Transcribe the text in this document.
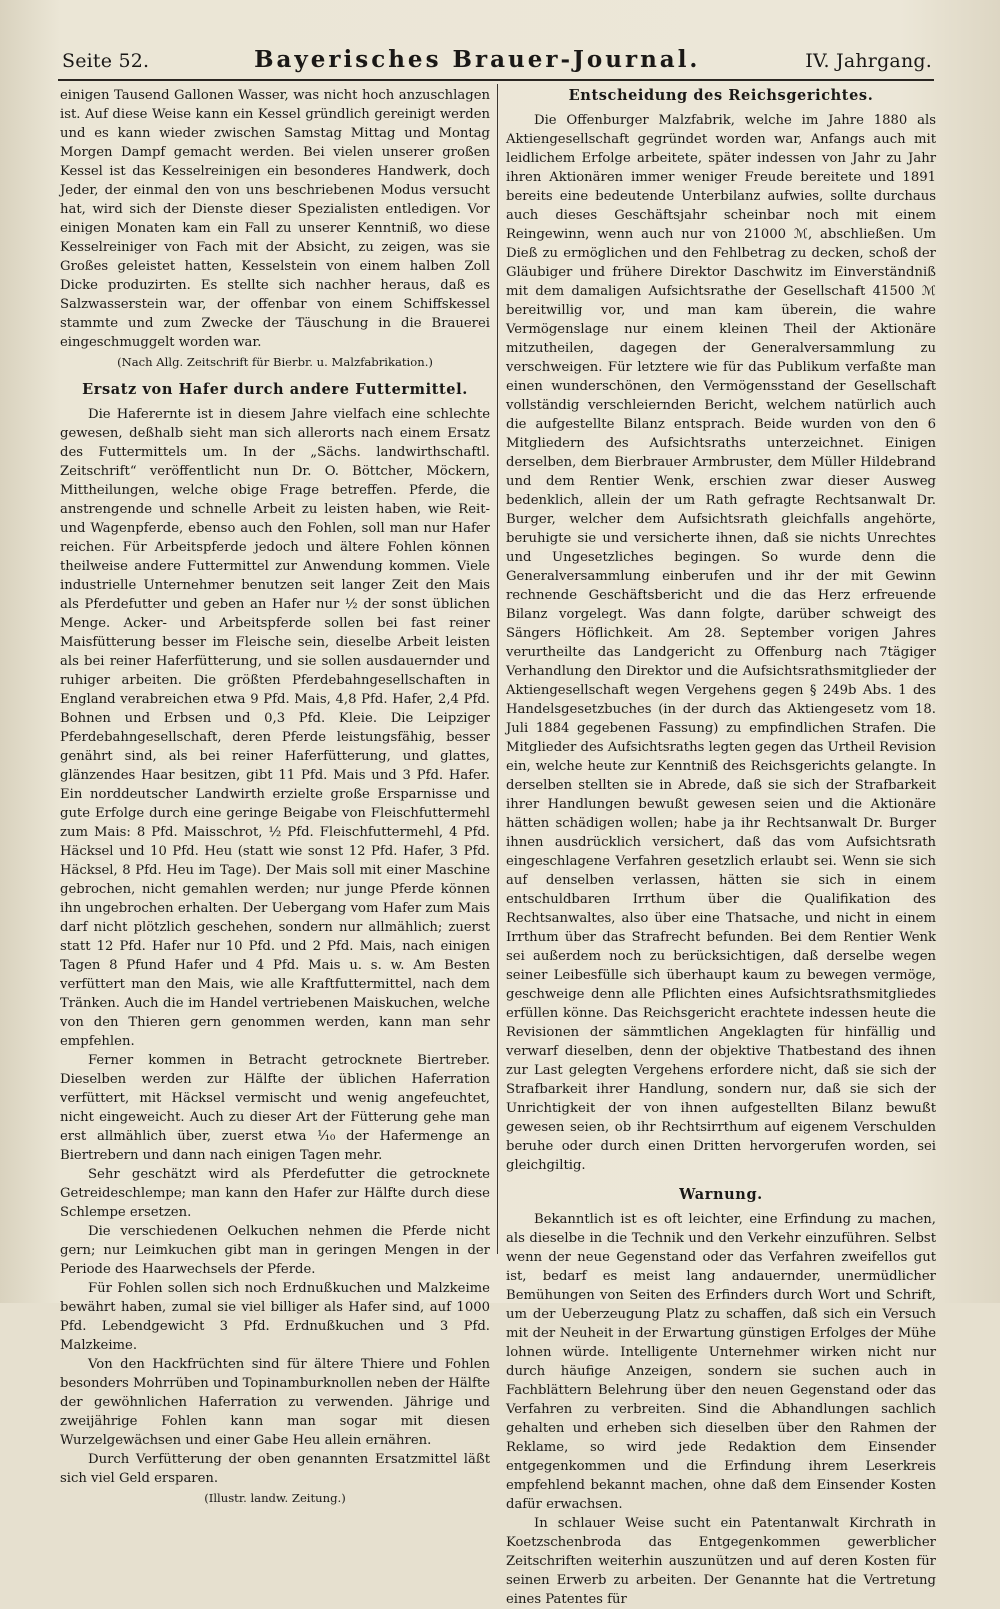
Seite 52.	Bayerisches Brauer-Journal.	IV. Jahrgang.

einigen Tausend Gallonen Wasser, was nicht hoch anzuschlagen ist. Auf diese Weise kann ein Kessel gründlich gereinigt werden und es kann wieder zwischen Samstag Mittag und Montag Morgen Dampf gemacht werden. Bei vielen unserer großen Kessel ist das Kesselreinigen ein besonderes Handwerk, doch Jeder, der einmal den von uns beschriebenen Modus versucht hat, wird sich der Dienste dieser Spezialisten entledigen. Vor einigen Monaten kam ein Fall zu unserer Kenntniß, wo diese Kesselreiniger von Fach mit der Absicht, zu zeigen, was sie Großes geleistet hatten, Kesselstein von einem halben Zoll Dicke produzirten. Es stellte sich nachher heraus, daß es Salzwasserstein war, der offenbar von einem Schiffskessel stammte und zum Zwecke der Täuschung in die Brauerei eingeschmuggelt worden war.

(Nach Allg. Zeitschrift für Bierbr. u. Malzfabrikation.)
Ersatz von Hafer durch andere Futtermittel.

Die Haferernte ist in diesem Jahre vielfach eine schlechte gewesen, deßhalb sieht man sich allerorts nach einem Ersatz des Futtermittels um. In der „Sächs. landwirthschaftl. Zeitschrift“ veröffentlicht nun Dr. O. Böttcher, Möckern, Mittheilungen, welche obige Frage betreffen. Pferde, die anstrengende und schnelle Arbeit zu leisten haben, wie Reit- und Wagenpferde, ebenso auch den Fohlen, soll man nur Hafer reichen. Für Arbeitspferde jedoch und ältere Fohlen können theilweise andere Futtermittel zur Anwendung kommen. Viele industrielle Unternehmer benutzen seit langer Zeit den Mais als Pferdefutter und geben an Hafer nur ½ der sonst üblichen Menge. Acker- und Arbeitspferde sollen bei fast reiner Maisfütterung besser im Fleische sein, dieselbe Arbeit leisten als bei reiner Haferfütterung, und sie sollen ausdauernder und ruhiger arbeiten. Die größten Pferdebahngesellschaften in England verabreichen etwa 9 Pfd. Mais, 4,8 Pfd. Hafer, 2,4 Pfd. Bohnen und Erbsen und 0,3 Pfd. Kleie. Die Leipziger Pferdebahngesellschaft, deren Pferde leistungsfähig, besser genährt sind, als bei reiner Haferfütterung, und glattes, glänzendes Haar besitzen, gibt 11 Pfd. Mais und 3 Pfd. Hafer. Ein norddeutscher Landwirth erzielte große Ersparnisse und gute Erfolge durch eine geringe Beigabe von Fleischfuttermehl zum Mais: 8 Pfd. Maisschrot, ½ Pfd. Fleischfuttermehl, 4 Pfd. Häcksel und 10 Pfd. Heu (statt wie sonst 12 Pfd. Hafer, 3 Pfd. Häcksel, 8 Pfd. Heu im Tage). Der Mais soll mit einer Maschine gebrochen, nicht gemahlen werden; nur junge Pferde können ihn ungebrochen erhalten. Der Uebergang vom Hafer zum Mais darf nicht plötzlich geschehen, sondern nur allmählich; zuerst statt 12 Pfd. Hafer nur 10 Pfd. und 2 Pfd. Mais, nach einigen Tagen 8 Pfund Hafer und 4 Pfd. Mais u. s. w. Am Besten verfüttert man den Mais, wie alle Kraftfuttermittel, nach dem Tränken. Auch die im Handel vertriebenen Maiskuchen, welche von den Thieren gern genommen werden, kann man sehr empfehlen.

Ferner kommen in Betracht getrocknete Biertreber. Dieselben werden zur Hälfte der üblichen Haferration verfüttert, mit Häcksel vermischt und wenig angefeuchtet, nicht eingeweicht. Auch zu dieser Art der Fütterung gehe man erst allmählich über, zuerst etwa ¹⁄₁₀ der Hafermenge an Biertrebern und dann nach einigen Tagen mehr.

Sehr geschätzt wird als Pferdefutter die getrocknete Getreideschlempe; man kann den Hafer zur Hälfte durch diese Schlempe ersetzen.

Die verschiedenen Oelkuchen nehmen die Pferde nicht gern; nur Leimkuchen gibt man in geringen Mengen in der Periode des Haarwechsels der Pferde.

Für Fohlen sollen sich noch Erdnußkuchen und Malzkeime bewährt haben, zumal sie viel billiger als Hafer sind, auf 1000 Pfd. Lebendgewicht 3 Pfd. Erdnußkuchen und 3 Pfd. Malzkeime.

Von den Hackfrüchten sind für ältere Thiere und Fohlen besonders Mohrrüben und Topinamburknollen neben der Hälfte der gewöhnlichen Haferration zu verwenden. Jährige und zweijährige Fohlen kann man sogar mit diesen Wurzelgewächsen und einer Gabe Heu allein ernähren.

Durch Verfütterung der oben genannten Ersatzmittel läßt sich viel Geld ersparen.

(Illustr. landw. Zeitung.)
Entscheidung des Reichsgerichtes.

Die Offenburger Malzfabrik, welche im Jahre 1880 als Aktiengesellschaft gegründet worden war, Anfangs auch mit leidlichem Erfolge arbeitete, später indessen von Jahr zu Jahr ihren Aktionären immer weniger Freude bereitete und 1891 bereits eine bedeutende Unterbilanz aufwies, sollte durchaus auch dieses Geschäftsjahr scheinbar noch mit einem Reingewinn, wenn auch nur von 21000 ℳ, abschließen. Um Dieß zu ermöglichen und den Fehlbetrag zu decken, schoß der Gläubiger und frühere Direktor Daschwitz im Einverständniß mit dem damaligen Aufsichtsrathe der Gesellschaft 41500 ℳ bereitwillig vor, und man kam überein, die wahre Vermögenslage nur einem kleinen Theil der Aktionäre mitzutheilen, dagegen der Generalversammlung zu verschweigen. Für letztere wie für das Publikum verfaßte man einen wunderschönen, den Vermögensstand der Gesellschaft vollständig verschleiernden Bericht, welchem natürlich auch die aufgestellte Bilanz entsprach. Beide wurden von den 6 Mitgliedern des Aufsichtsraths unterzeichnet. Einigen derselben, dem Bierbrauer Armbruster, dem Müller Hildebrand und dem Rentier Wenk, erschien zwar dieser Ausweg bedenklich, allein der um Rath gefragte Rechtsanwalt Dr. Burger, welcher dem Aufsichtsrath gleichfalls angehörte, beruhigte sie und versicherte ihnen, daß sie nichts Unrechtes und Ungesetzliches begingen. So wurde denn die Generalversammlung einberufen und ihr der mit Gewinn rechnende Geschäftsbericht und die das Herz erfreuende Bilanz vorgelegt. Was dann folgte, darüber schweigt des Sängers Höflichkeit. Am 28. September vorigen Jahres verurtheilte das Landgericht zu Offenburg nach 7tägiger Verhandlung den Direktor und die Aufsichtsrathsmitglieder der Aktiengesellschaft wegen Vergehens gegen § 249b Abs. 1 des Handelsgesetzbuches (in der durch das Aktiengesetz vom 18. Juli 1884 gegebenen Fassung) zu empfindlichen Strafen. Die Mitglieder des Aufsichtsraths legten gegen das Urtheil Revision ein, welche heute zur Kenntniß des Reichsgerichts gelangte. In derselben stellten sie in Abrede, daß sie sich der Strafbarkeit ihrer Handlungen bewußt gewesen seien und die Aktionäre hätten schädigen wollen; habe ja ihr Rechtsanwalt Dr. Burger ihnen ausdrücklich versichert, daß das vom Aufsichtsrath eingeschlagene Verfahren gesetzlich erlaubt sei. Wenn sie sich auf denselben verlassen, hätten sie sich in einem entschuldbaren Irrthum über die Qualifikation des Rechtsanwaltes, also über eine Thatsache, und nicht in einem Irrthum über das Strafrecht befunden. Bei dem Rentier Wenk sei außerdem noch zu berücksichtigen, daß derselbe wegen seiner Leibesfülle sich überhaupt kaum zu bewegen vermöge, geschweige denn alle Pflichten eines Aufsichtsrathsmitgliedes erfüllen könne. Das Reichsgericht erachtete indessen heute die Revisionen der sämmtlichen Angeklagten für hinfällig und verwarf dieselben, denn der objektive Thatbestand des ihnen zur Last gelegten Vergehens erfordere nicht, daß sie sich der Strafbarkeit ihrer Handlung, sondern nur, daß sie sich der Unrichtigkeit der von ihnen aufgestellten Bilanz bewußt gewesen seien, ob ihr Rechtsirrthum auf eigenem Verschulden beruhe oder durch einen Dritten hervorgerufen worden, sei gleichgiltig.

Warnung.

Bekanntlich ist es oft leichter, eine Erfindung zu machen, als dieselbe in die Technik und den Verkehr einzuführen. Selbst wenn der neue Gegenstand oder das Verfahren zweifellos gut ist, bedarf es meist lang andauernder, unermüdlicher Bemühungen von Seiten des Erfinders durch Wort und Schrift, um der Ueberzeugung Platz zu schaffen, daß sich ein Versuch mit der Neuheit in der Erwartung günstigen Erfolges der Mühe lohnen würde. Intelligente Unternehmer wirken nicht nur durch häufige Anzeigen, sondern sie suchen auch in Fachblättern Belehrung über den neuen Gegenstand oder das Verfahren zu verbreiten. Sind die Abhandlungen sachlich gehalten und erheben sich dieselben über den Rahmen der Reklame, so wird jede Redaktion dem Einsender entgegenkommen und die Erfindung ihrem Leserkreis empfehlend bekannt machen, ohne daß dem Einsender Kosten dafür erwachsen.

In schlauer Weise sucht ein Patentanwalt Kirchrath in Koetzschenbroda das Entgegenkommen gewerblicher Zeitschriften weiterhin auszunützen und auf deren Kosten für seinen Erwerb zu arbeiten. Der Genannte hat die Vertretung eines Patentes für
